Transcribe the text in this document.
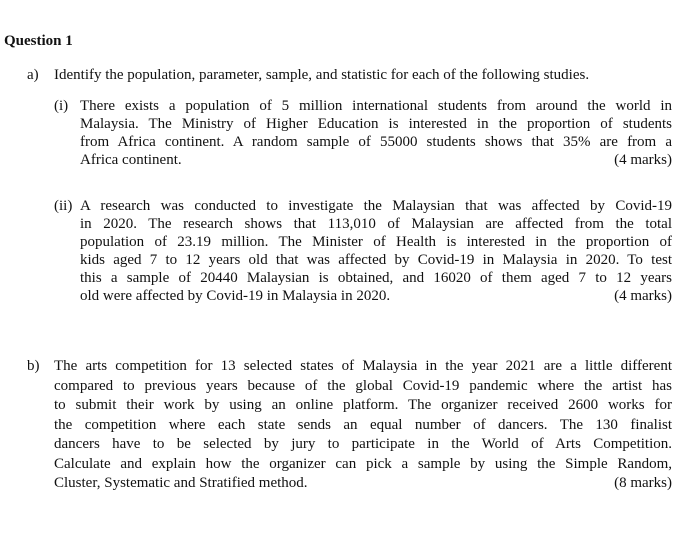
Question 1
a)	Identify the population, parameter, sample, and statistic for each of the following studies.
(i) There exists a population of 5 million international students from around the world in
Malaysia. The Ministry of Higher Education is interested in the proportion of students
from Africa continent. A random sample of 55000 students shows that 35% are from a
Africa continent.	(4 marks)
(ii) A research was conducted to investigate the Malaysian that was affected by Covid-19
in 2020. The research shows that 113,010 of Malaysian are affected from the total
population of 23.19 million. The Minister of Health is interested in the proportion of
kids aged 7 to 12 years old that was affected by Covid-19 in Malaysia in 2020. To test
this a sample of 20440 Malaysian is obtained, and 16020 of them aged 7 to 12 years
old were affected by Covid-19 in Malaysia in 2020.	(4 marks)
b) The arts competition for 13 selected states of Malaysia in the year 2021 are a little different
compared to previous years because of the global Covid-19 pandemic where the artist has
to submit their work by using an online platform. The organizer received 2600 works for
the competition where each state sends an equal number of dancers. The 130 finalist
dancers have to be selected by jury to participate in the World of Arts Competition.
Calculate and explain how the organizer can pick a sample by using the Simple Random,
Cluster, Systematic and Stratified method.	(8 marks)
